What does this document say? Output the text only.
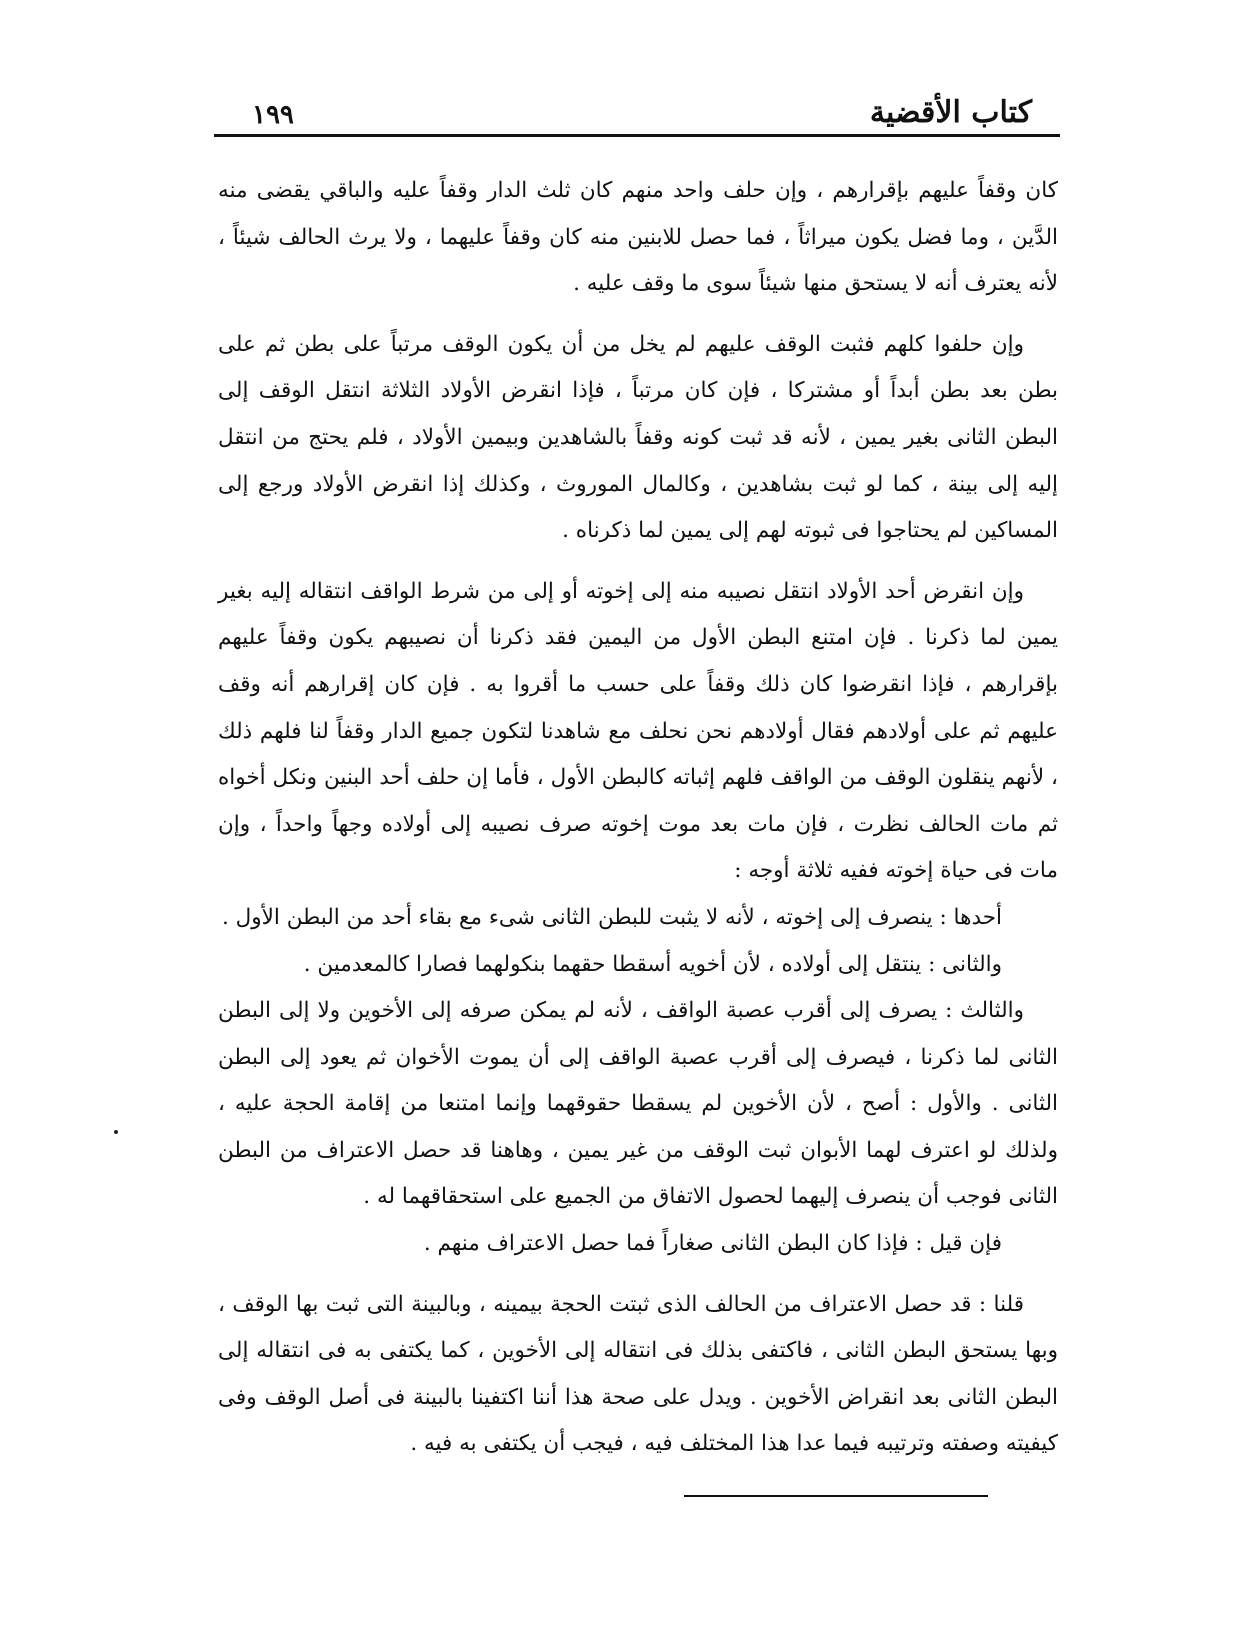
كتاب الأقضية
١٩٩

كان وقفاً عليهم بإقرارهم ، وإن حلف واحد منهم كان ثلث الدار وقفاً عليه والباقي يقضى منه الدَّين ، وما فضل يكون ميراثاً ، فما حصل للابنين منه كان وقفاً عليهما ، ولا يرث الحالف شيئاً ، لأنه يعترف أنه لا يستحق منها شيئاً سوى ما وقف عليه .

وإن حلفوا كلهم فثبت الوقف عليهم لم يخل من أن يكون الوقف مرتباً على بطن ثم على بطن بعد بطن أبداً أو مشتركا ، فإن كان مرتباً ، فإذا انقرض الأولاد الثلاثة انتقل الوقف إلى البطن الثانى بغير يمين ، لأنه قد ثبت كونه وقفاً بالشاهدين وبيمين الأولاد ، فلم يحتج من انتقل إليه إلى بينة ، كما لو ثبت بشاهدين ، وكالمال الموروث ، وكذلك إذا انقرض الأولاد ورجع إلى المساكين لم يحتاجوا فى ثبوته لهم إلى يمين لما ذكرناه .

وإن انقرض أحد الأولاد انتقل نصيبه منه إلى إخوته أو إلى من شرط الواقف انتقاله إليه بغير يمين لما ذكرنا . فإن امتنع البطن الأول من اليمين فقد ذكرنا أن نصيبهم يكون وقفاً عليهم بإقرارهم ، فإذا انقرضوا كان ذلك وقفاً على حسب ما أقروا به . فإن كان إقرارهم أنه وقف عليهم ثم على أولادهم فقال أولادهم نحن نحلف مع شاهدنا لتكون جميع الدار وقفاً لنا فلهم ذلك ، لأنهم ينقلون الوقف من الواقف فلهم إثباته كالبطن الأول ، فأما إن حلف أحد البنين ونكل أخواه ثم مات الحالف نظرت ، فإن مات بعد موت إخوته صرف نصيبه إلى أولاده وجهاً واحداً ، وإن مات فى حياة إخوته ففيه ثلاثة أوجه :

أحدها : ينصرف إلى إخوته ، لأنه لا يثبت للبطن الثانى شىء مع بقاء أحد من البطن الأول .

والثانى : ينتقل إلى أولاده ، لأن أخويه أسقطا حقهما بنكولهما فصارا كالمعدمين .

والثالث : يصرف إلى أقرب عصبة الواقف ، لأنه لم يمكن صرفه إلى الأخوين ولا إلى البطن الثانى لما ذكرنا ، فيصرف إلى أقرب عصبة الواقف إلى أن يموت الأخوان ثم يعود إلى البطن الثانى . والأول : أصح ، لأن الأخوين لم يسقطا حقوقهما وإنما امتنعا من إقامة الحجة عليه ، ولذلك لو اعترف لهما الأبوان ثبت الوقف من غير يمين ، وهاهنا قد حصل الاعتراف من البطن الثانى فوجب أن ينصرف إليهما لحصول الاتفاق من الجميع على استحقاقهما له .

فإن قيل : فإذا كان البطن الثانى صغاراً فما حصل الاعتراف منهم .

قلنا : قد حصل الاعتراف من الحالف الذى ثبتت الحجة بيمينه ، وبالبينة التى ثبت بها الوقف ، وبها يستحق البطن الثانى ، فاكتفى بذلك فى انتقاله إلى الأخوين ، كما يكتفى به فى انتقاله إلى البطن الثانى بعد انقراض الأخوين . ويدل على صحة هذا أننا اكتفينا بالبينة فى أصل الوقف وفى كيفيته وصفته وترتيبه فيما عدا هذا المختلف فيه ، فيجب أن يكتفى به فيه .
